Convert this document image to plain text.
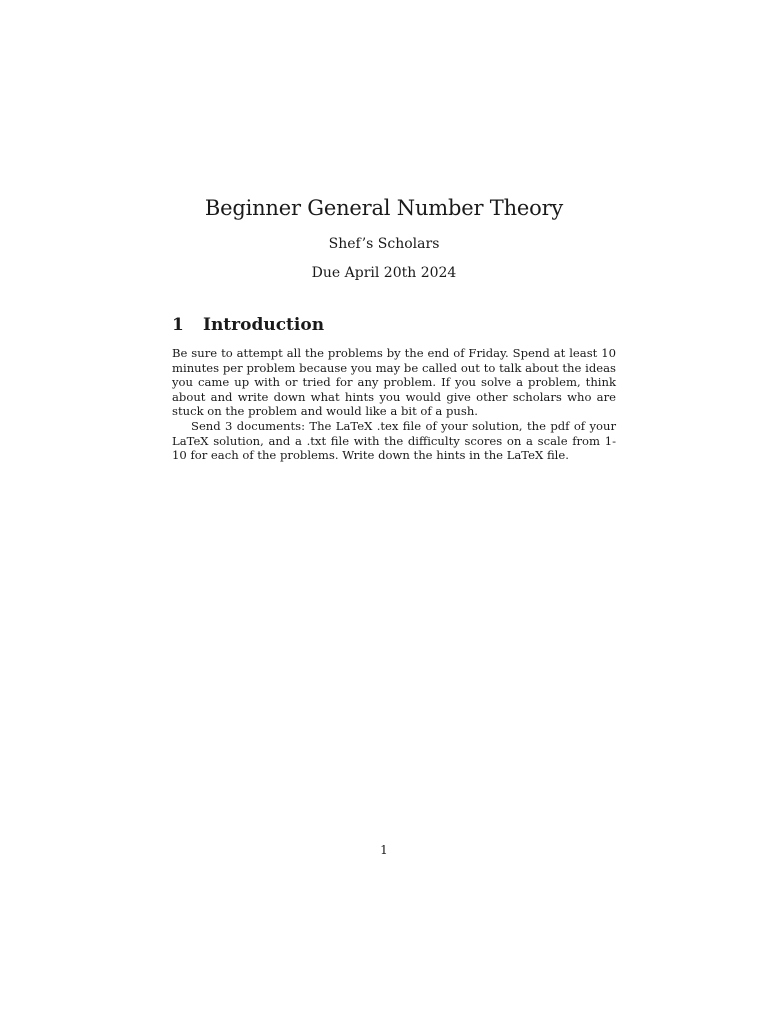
Beginner General Number Theory
Shef’s Scholars
Due April 20th 2024
1 Introduction

Be sure to attempt all the problems by the end of Friday. Spend at least 10 minutes per problem because you may be called out to talk about the ideas you came up with or tried for any problem. If you solve a problem, think about and write down what hints you would give other scholars who are stuck on the problem and would like a bit of a push.

Send 3 documents: The LaTeX .tex file of your solution, the pdf of your LaTeX solution, and a .txt file with the difficulty scores on a scale from 1-10 for each of the problems. Write down the hints in the LaTeX file.

1
